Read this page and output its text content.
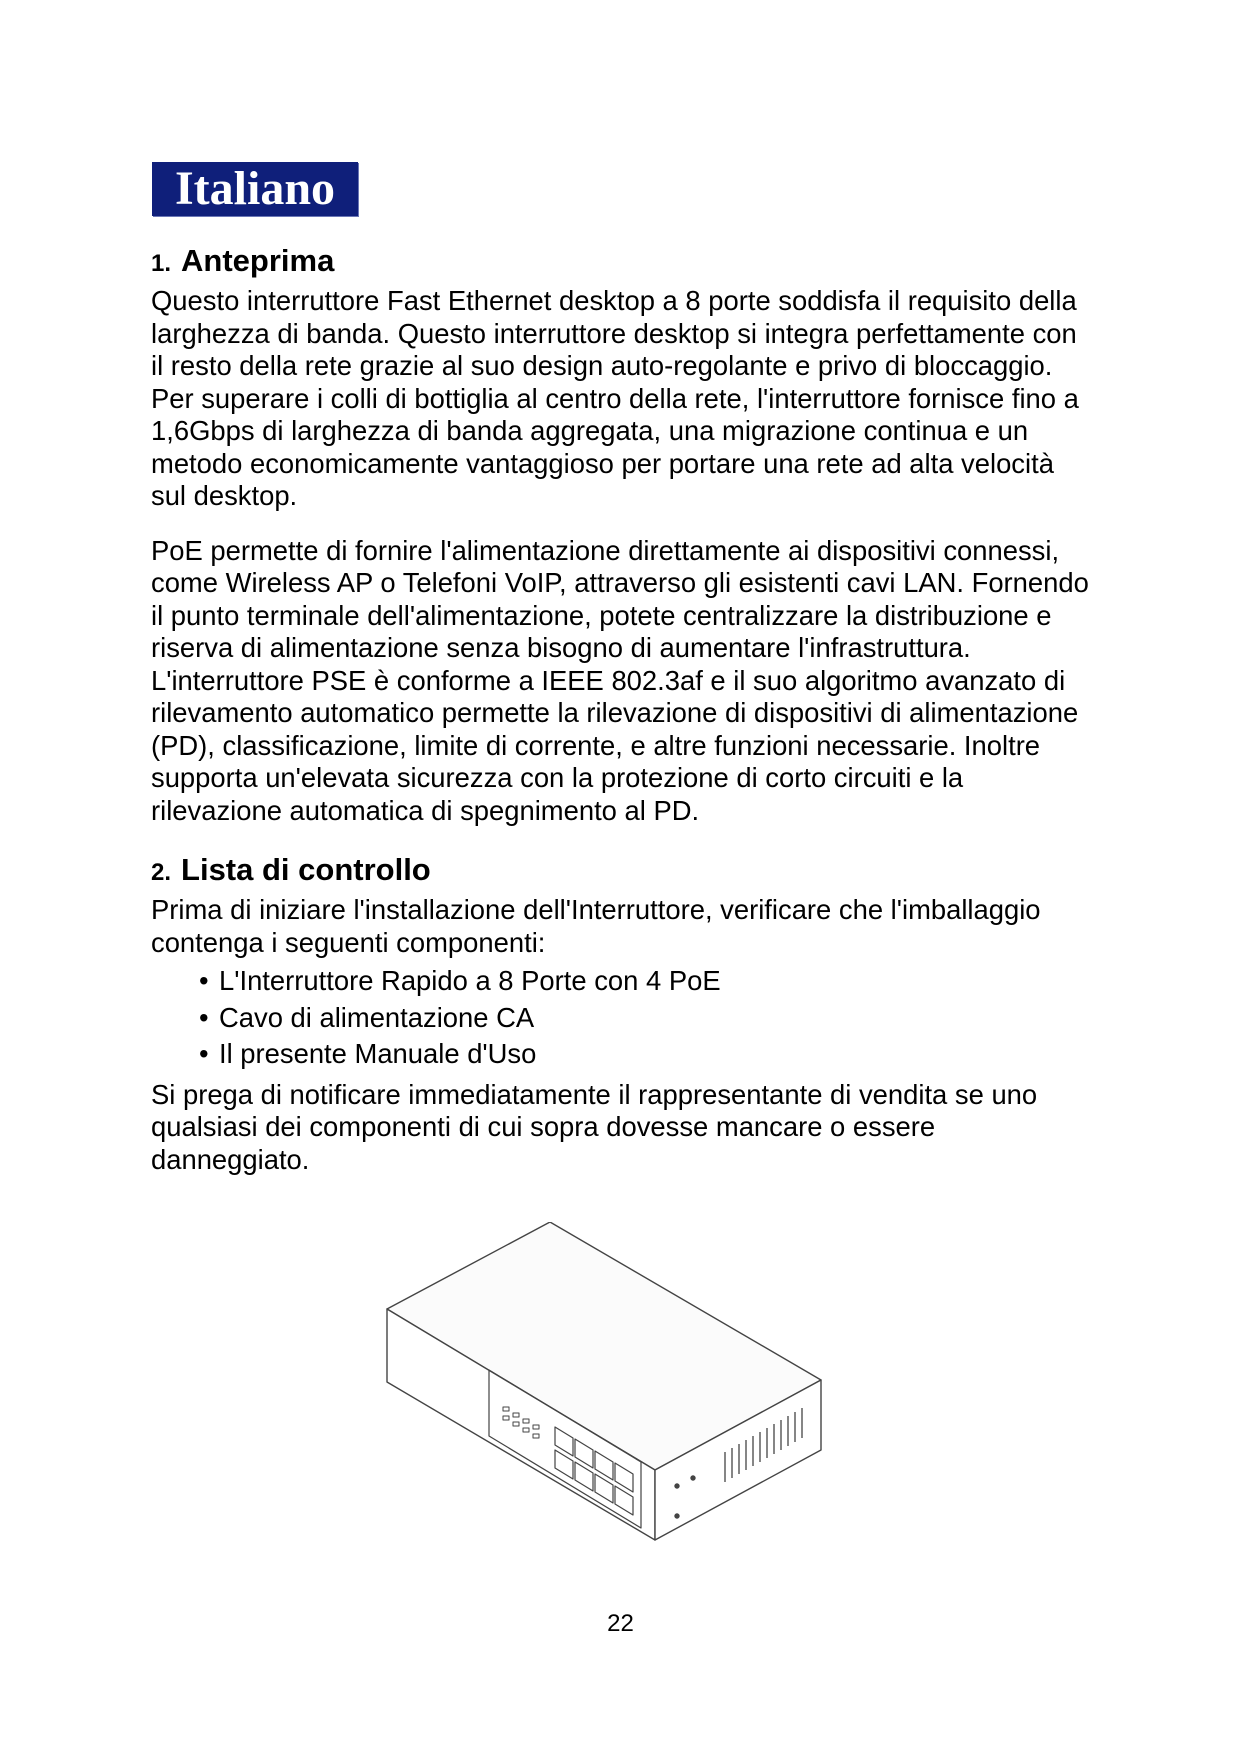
Italiano
1. Anteprima

Questo interruttore Fast Ethernet desktop a 8 porte soddisfa il requisito della larghezza di banda. Questo interruttore desktop si integra perfettamente con il resto della rete grazie al suo design auto-regolante e privo di bloccaggio. Per superare i colli di bottiglia al centro della rete, l'interruttore fornisce fino a 1,6Gbps di larghezza di banda aggregata, una migrazione continua e un metodo economicamente vantaggioso per portare una rete ad alta velocità sul desktop.

PoE permette di fornire l'alimentazione direttamente ai dispositivi connessi, come Wireless AP o Telefoni VoIP, attraverso gli esistenti cavi LAN. Fornendo il punto terminale dell'alimentazione, potete centralizzare la distribuzione e riserva di alimentazione senza bisogno di aumentare l'infrastruttura. L'interruttore PSE è conforme a IEEE 802.3af e il suo algoritmo avanzato di rilevamento automatico permette la rilevazione di dispositivi di alimentazione (PD), classificazione, limite di corrente, e altre funzioni necessarie. Inoltre supporta un'elevata sicurezza con la protezione di corto circuiti e la rilevazione automatica di spegnimento al PD.

2. Lista di controllo

Prima di iniziare l'installazione dell'Interruttore, verificare che l'imballaggio contenga i seguenti componenti:

• L'Interruttore Rapido a 8 Porte con 4 PoE
• Cavo di alimentazione CA
• Il presente Manuale d'Uso

Si prega di notificare immediatamente il rappresentante di vendita se uno qualsiasi dei componenti di cui sopra dovesse mancare o essere danneggiato.

22
